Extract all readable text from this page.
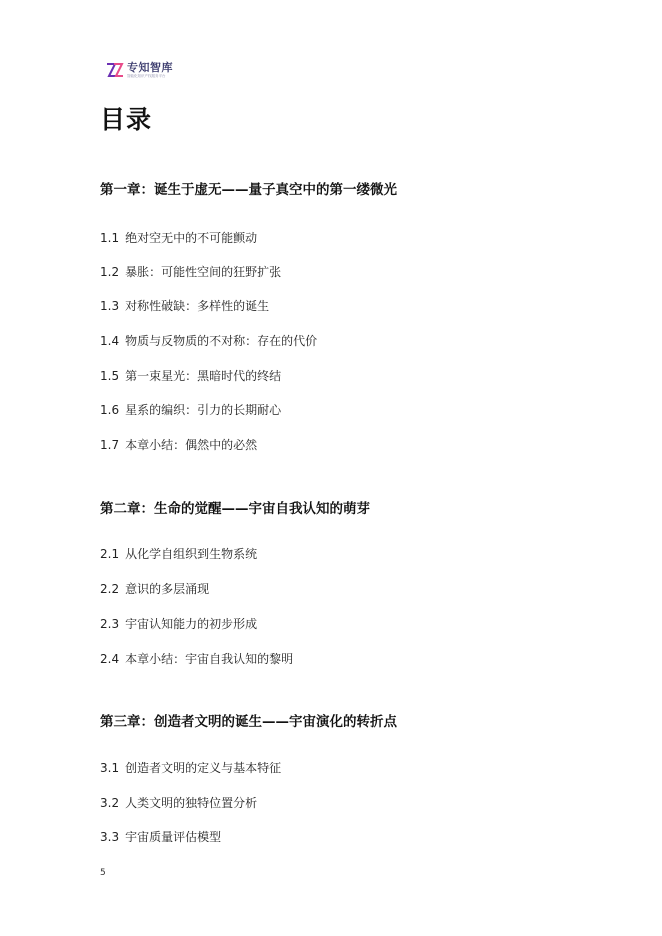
专知智库
智能化知识产权服务平台
目录

第一章：诞生于虚无——量子真空中的第一缕微光

1.1 绝对空无中的不可能颤动

1.2 暴胀：可能性空间的狂野扩张

1.3 对称性破缺：多样性的诞生

1.4 物质与反物质的不对称：存在的代价

1.5 第一束星光：黑暗时代的终结

1.6 星系的编织：引力的长期耐心

1.7 本章小结：偶然中的必然

第二章：生命的觉醒——宇宙自我认知的萌芽

2.1 从化学自组织到生物系统

2.2 意识的多层涌现

2.3 宇宙认知能力的初步形成

2.4 本章小结：宇宙自我认知的黎明

第三章：创造者文明的诞生——宇宙演化的转折点

3.1 创造者文明的定义与基本特征

3.2 人类文明的独特位置分析

3.3 宇宙质量评估模型

5
